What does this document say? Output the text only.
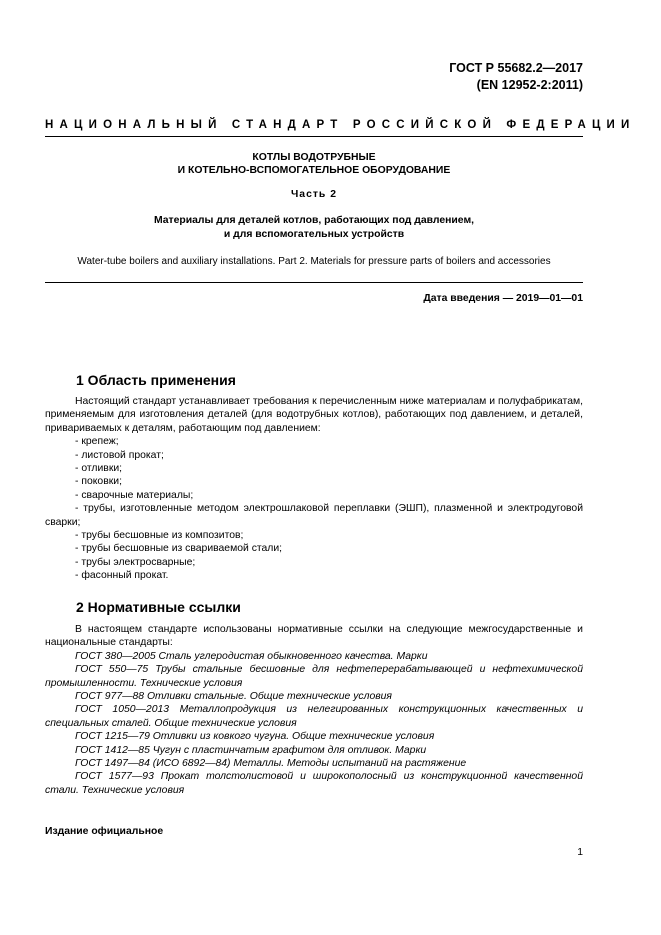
ГОСТ Р 55682.2—2017
(EN 12952-2:2011)
НАЦИОНАЛЬНЫЙ СТАНДАРТ РОССИЙСКОЙ ФЕДЕРАЦИИ
КОТЛЫ ВОДОТРУБНЫЕ
И КОТЕЛЬНО-ВСПОМОГАТЕЛЬНОЕ ОБОРУДОВАНИЕ
Часть 2
Материалы для деталей котлов, работающих под давлением,
и для вспомогательных устройств
Water-tube boilers and auxiliary installations. Part 2. Materials for pressure parts of boilers and accessories
Дата введения — 2019—01—01
1 Область применения

Настоящий стандарт устанавливает требования к перечисленным ниже материалам и полуфабрикатам, применяемым для изготовления деталей (для водотрубных котлов), работающих под давлением, и деталей, привариваемых к деталям, работающим под давлением:

- крепеж;

- листовой прокат;

- отливки;

- поковки;

- сварочные материалы;

- трубы, изготовленные методом электрошлаковой переплавки (ЭШП), плазменной и электродуговой сварки;

- трубы бесшовные из композитов;

- трубы бесшовные из свариваемой стали;

- трубы электросварные;

- фасонный прокат.

2 Нормативные ссылки

В настоящем стандарте использованы нормативные ссылки на следующие межгосударственные и национальные стандарты:

ГОСТ 380—2005 Сталь углеродистая обыкновенного качества. Марки

ГОСТ 550—75 Трубы стальные бесшовные для нефтеперерабатывающей и нефтехимической промышленности. Технические условия

ГОСТ 977—88 Отливки стальные. Общие технические условия

ГОСТ 1050—2013 Металлопродукция из нелегированных конструкционных качественных и специальных сталей. Общие технические условия

ГОСТ 1215—79 Отливки из ковкого чугуна. Общие технические условия

ГОСТ 1412—85 Чугун с пластинчатым графитом для отливок. Марки

ГОСТ 1497—84 (ИСО 6892—84) Металлы. Методы испытаний на растяжение

ГОСТ 1577—93 Прокат толстолистовой и широкополосный из конструкционной качественной стали. Технические условия

Издание официальное
1
